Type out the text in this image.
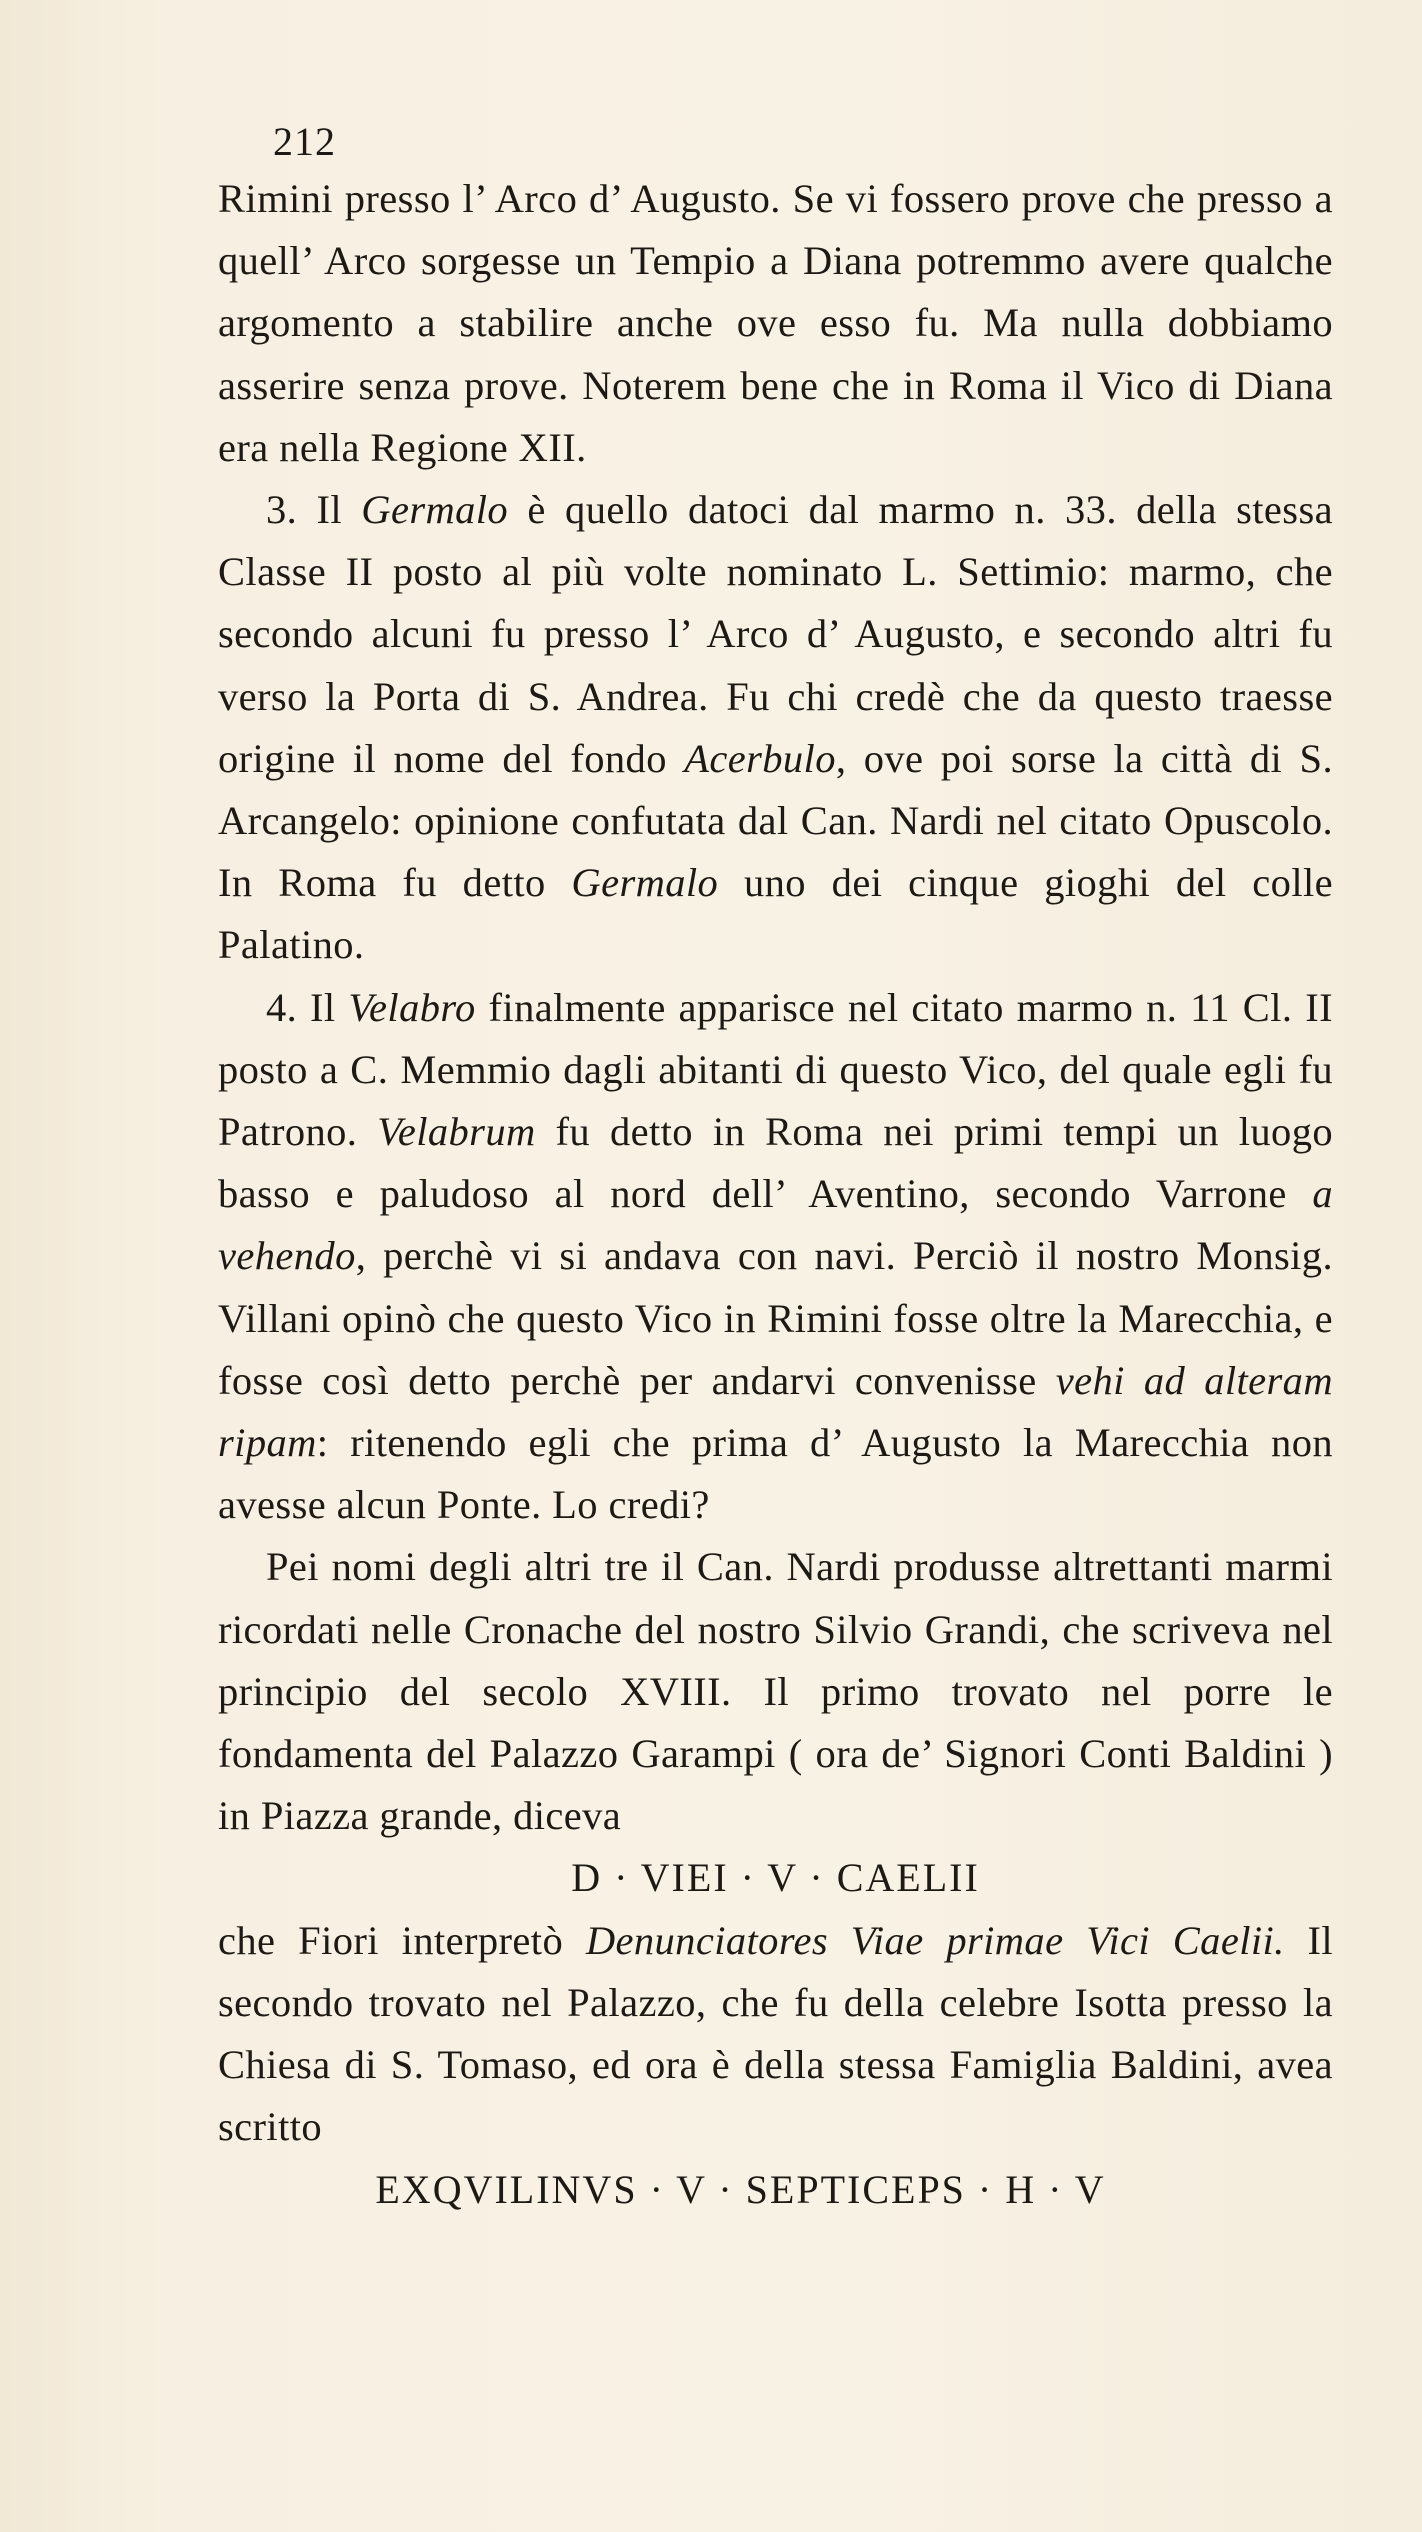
212

Rimini presso l’ Arco d’ Augusto. Se vi fossero prove che presso a quell’ Arco sorgesse un Tempio a Diana potremmo avere qualche argomento a stabilire anche ove esso fu. Ma nulla dobbiamo asserire senza prove. Noterem bene che in Roma il Vico di Diana era nella Regione XII.

3. Il Germalo è quello datoci dal marmo n. 33. della stessa Classe II posto al più volte nominato L. Settimio: marmo, che secondo alcuni fu presso l’ Arco d’ Augusto, e secondo altri fu verso la Porta di S. Andrea. Fu chi credè che da questo traesse origine il nome del fondo Acerbulo, ove poi sorse la città di S. Arcangelo: opinione confutata dal Can. Nardi nel citato Opuscolo. In Roma fu detto Germalo uno dei cinque gioghi del colle Palatino.

4. Il Velabro finalmente apparisce nel citato marmo n. 11 Cl. II posto a C. Memmio dagli abitanti di questo Vico, del quale egli fu Patrono. Velabrum fu detto in Roma nei primi tempi un luogo basso e paludoso al nord dell’ Aventino, secondo Varrone a vehendo, perchè vi si andava con navi. Perciò il nostro Monsig. Villani opinò che questo Vico in Rimini fosse oltre la Marecchia, e fosse così detto perchè per andarvi convenisse vehi ad alteram ripam: ritenendo egli che prima d’ Augusto la Marecchia non avesse alcun Ponte. Lo credi?

Pei nomi degli altri tre il Can. Nardi produsse altrettanti marmi ricordati nelle Cronache del nostro Silvio Grandi, che scriveva nel principio del secolo XVIII. Il primo trovato nel porre le fondamenta del Palazzo Garampi ( ora de’ Signori Conti Baldini ) in Piazza grande, diceva

D · VIEI · V · CAELII

che Fiori interpretò Denunciatores Viae primae Vici Caelii. Il secondo trovato nel Palazzo, che fu della celebre Isotta presso la Chiesa di S. Tomaso, ed ora è della stessa Famiglia Baldini, avea scritto

EXQVILINVS · V · SEPTICEPS · H · V
